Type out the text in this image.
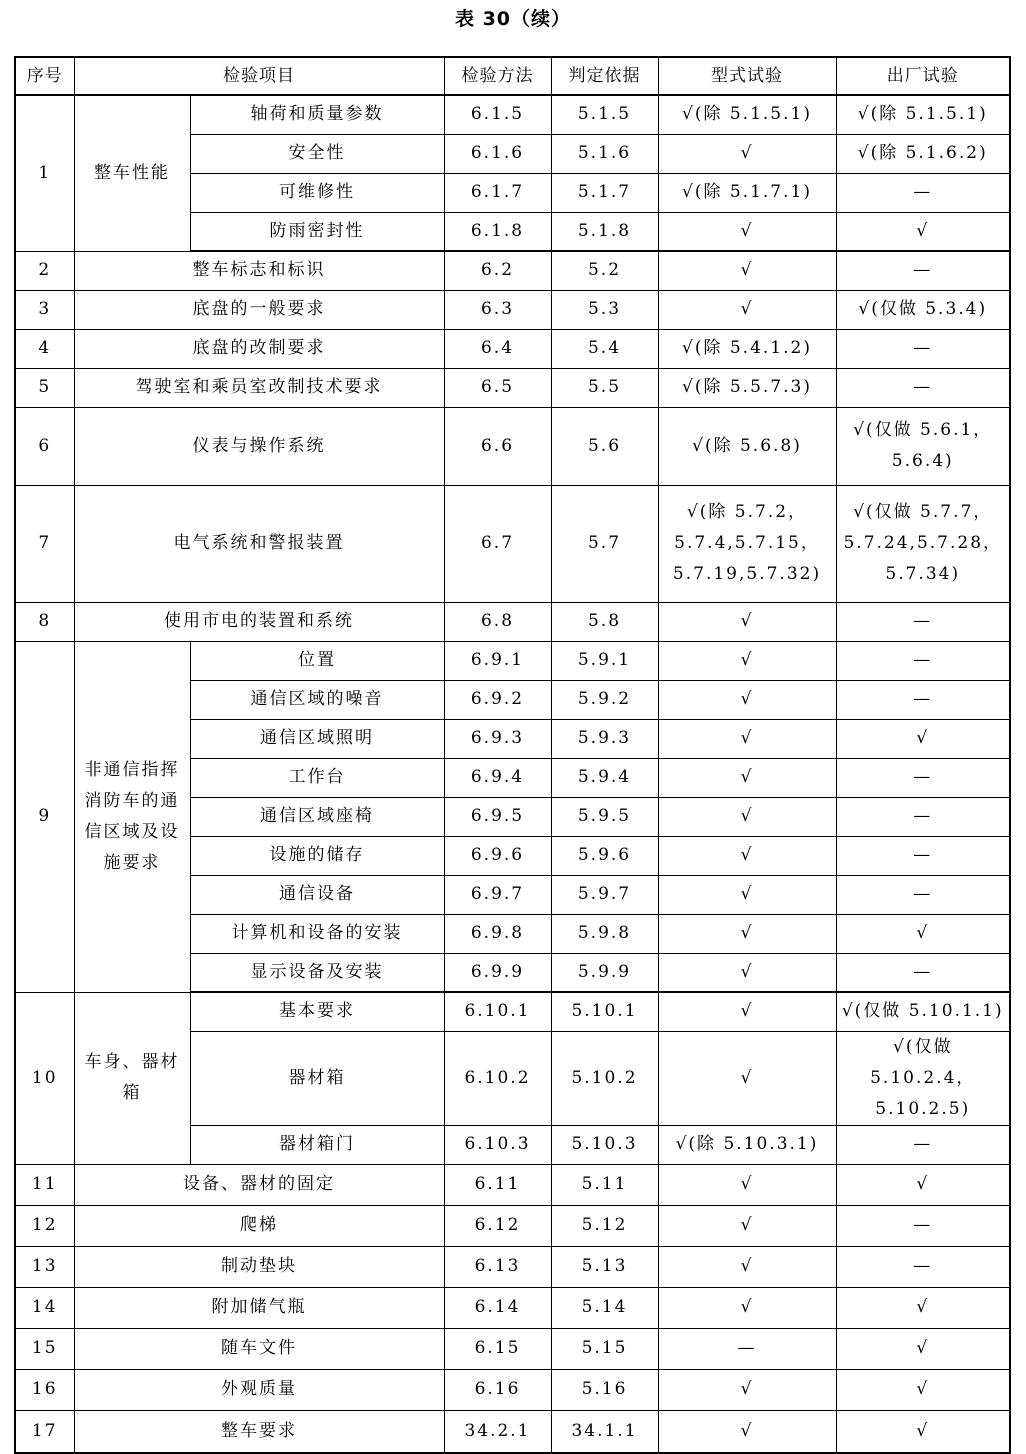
表 30（续）
序号	检验项目		检验方法	判定依据	型式试验	出厂试验
1	整车性能	轴荷和质量参数	6.1.5	5.1.5	√(除 5.1.5.1)	√(除 5.1.5.1)
		安全性	6.1.6	5.1.6	√	√(除 5.1.6.2)
		可维修性	6.1.7	5.1.7	√(除 5.1.7.1)	—
		防雨密封性	6.1.8	5.1.8	√	√
2	整车标志和标识		6.2	5.2	√	—
3	底盘的一般要求		6.3	5.3	√	√(仅做 5.3.4)
4	底盘的改制要求		6.4	5.4	√(除 5.4.1.2)	—
5	驾驶室和乘员室改制技术要求		6.5	5.5	√(除 5.5.7.3)	—
6	仪表与操作系统		6.6	5.6	√(除 5.6.8)	√(仅做 5.6.1，
5.6.4)
7	电气系统和警报装置		6.7	5.7	√(除 5.7.2，
5.7.4,5.7.15，
5.7.19,5.7.32)	√(仅做 5.7.7，
5.7.24,5.7.28，
5.7.34)
8	使用市电的装置和系统		6.8	5.8	√	—
9	非通信指挥消防车的通信区域及设施要求	位置	6.9.1	5.9.1	√	—
		通信区域的噪音	6.9.2	5.9.2	√	—
		通信区域照明	6.9.3	5.9.3	√	√
		工作台	6.9.4	5.9.4	√	—
		通信区域座椅	6.9.5	5.9.5	√	—
		设施的储存	6.9.6	5.9.6	√	—
		通信设备	6.9.7	5.9.7	√	—
		计算机和设备的安装	6.9.8	5.9.8	√	√
		显示设备及安装	6.9.9	5.9.9	√	—
10	车身、器材箱	基本要求	6.10.1	5.10.1	√	√(仅做 5.10.1.1)
		器材箱	6.10.2	5.10.2	√	√(仅做 5.10.2.4，
5.10.2.5)
		器材箱门	6.10.3	5.10.3	√(除 5.10.3.1)	—
11	设备、器材的固定		6.11	5.11	√	√
12	爬梯		6.12	5.12	√	—
13	制动垫块		6.13	5.13	√	—
14	附加储气瓶		6.14	5.14	√	√
15	随车文件		6.15	5.15	—	√
16	外观质量		6.16	5.16	√	√
17	整车要求		34.2.1	34.1.1	√	√
